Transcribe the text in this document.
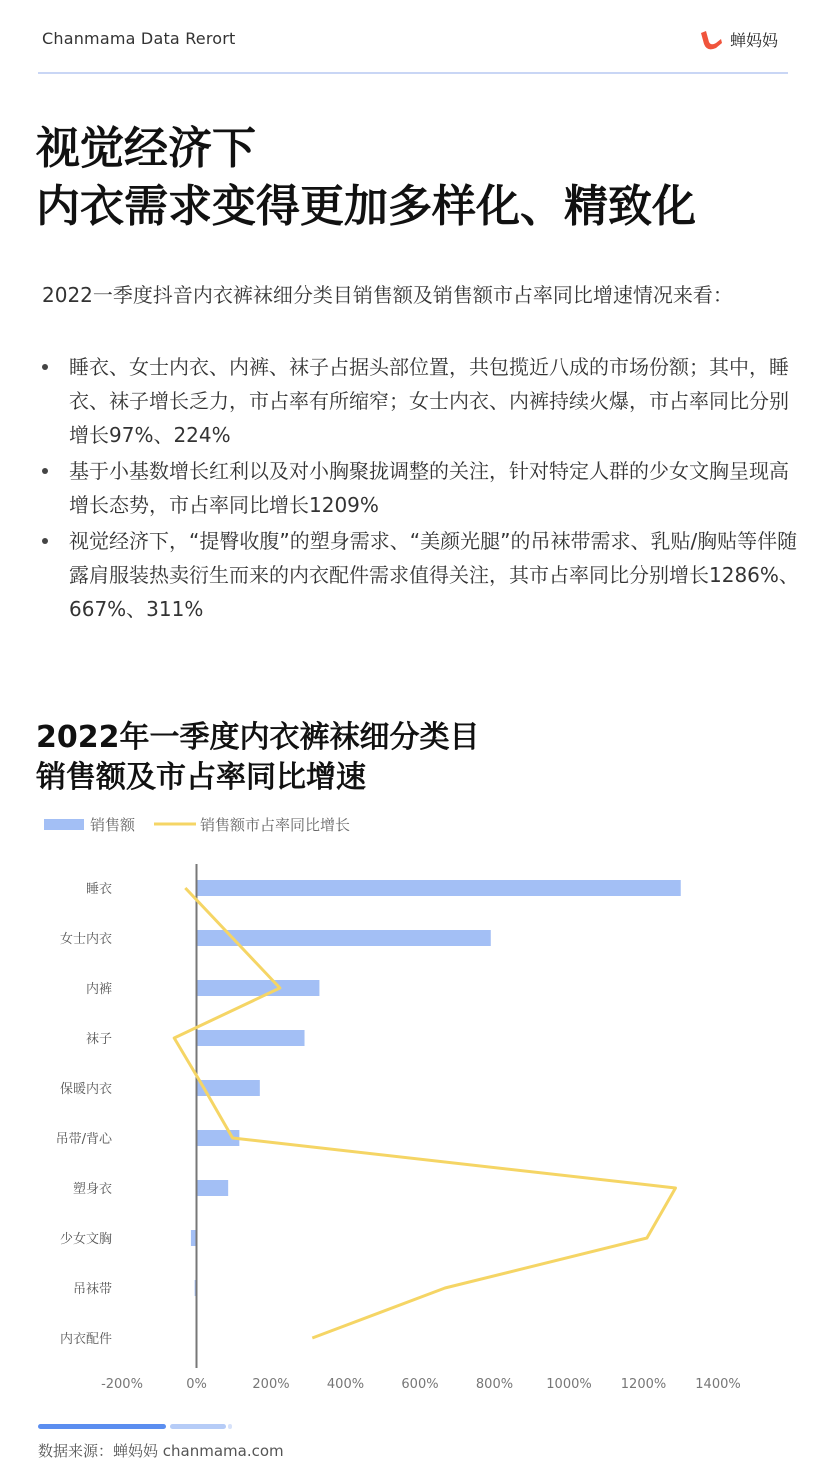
Chanmama Data Rerort	蝉妈妈
视觉经济下
内衣需求变得更加多样化、精致化
2022一季度抖音内衣裤袜细分类目销售额及销售额市占率同比增速情况来看：
睡衣、女士内衣、内裤、袜子占据头部位置，共包揽近八成的市场份额；其中，睡衣、袜子增长乏力，市占率有所缩窄；女士内衣、内裤持续火爆，市占率同比分别增长97%、224%
基于小基数增长红利以及对小胸聚拢调整的关注，针对特定人群的少女文胸呈现高增长态势，市占率同比增长1209%
视觉经济下，“提臀收腹”的塑身需求、“美颜光腿”的吊袜带需求、乳贴/胸贴等伴随露肩服装热卖衍生而来的内衣配件需求值得关注，其市占率同比分别增长1286%、667%、311%
2022年一季度内衣裤袜细分类目
销售额及市占率同比增速
销售额	销售额市占率同比增长
睡衣
女士内衣
内裤
袜子
保暖内衣
吊带/背心
塑身衣
少女文胸
吊袜带
内衣配件
-200%	0%	200%	400%	600%	800%	1000% 1200% 1400%
数据来源：蝉妈妈 chanmama.com
